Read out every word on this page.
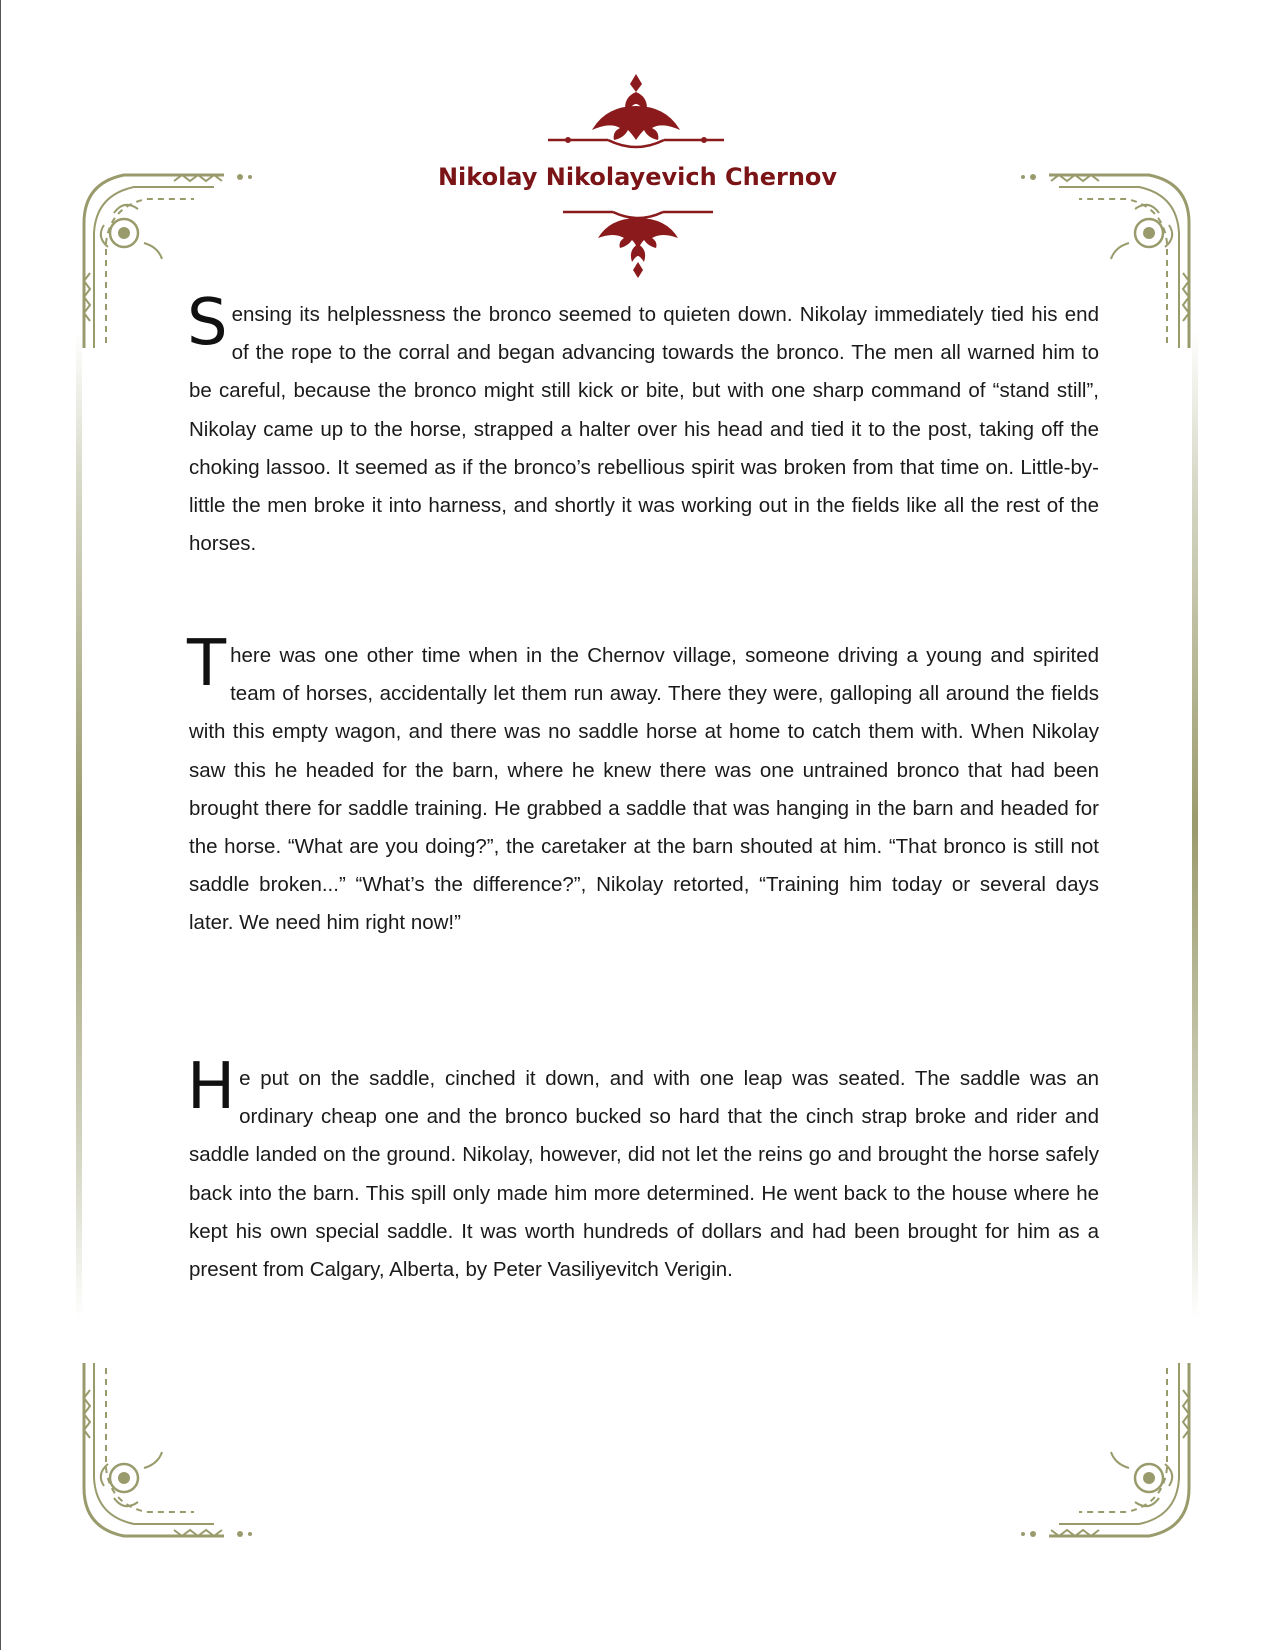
Nikolay Nikolayevich Chernov

Sensing its helplessness the bronco seemed to quieten down. Nikolay immediately tied his end of the rope to the corral and began advancing towards the bronco. The men all warned him to be careful, because the bronco might still kick or bite, but with one sharp command of “stand still”, Nikolay came up to the horse, strapped a halter over his head and tied it to the post, taking off the choking lassoo. It seemed as if the bronco’s rebellious spirit was broken from that time on. Little-by-little the men broke it into harness, and shortly it was working out in the fields like all the rest of the horses.

There was one other time when in the Chernov village, someone driving a young and spirited team of horses, accidentally let them run away. There they were, galloping all around the fields with this empty wagon, and there was no saddle horse at home to catch them with. When Nikolay saw this he headed for the barn, where he knew there was one untrained bronco that had been brought there for saddle training. He grabbed a saddle that was hanging in the barn and headed for the horse. “What are you doing?”, the caretaker at the barn shouted at him. “That bronco is still not saddle broken...” “What’s the difference?”, Nikolay retorted, “Training him today or several days later. We need him right now!”

He put on the saddle, cinched it down, and with one leap was seated. The saddle was an ordinary cheap one and the bronco bucked so hard that the cinch strap broke and rider and saddle landed on the ground. Nikolay, however, did not let the reins go and brought the horse safely back into the barn. This spill only made him more determined. He went back to the house where he kept his own special saddle. It was worth hundreds of dollars and had been brought for him as a present from Calgary, Alberta, by Peter Vasiliyevitch Verigin.
